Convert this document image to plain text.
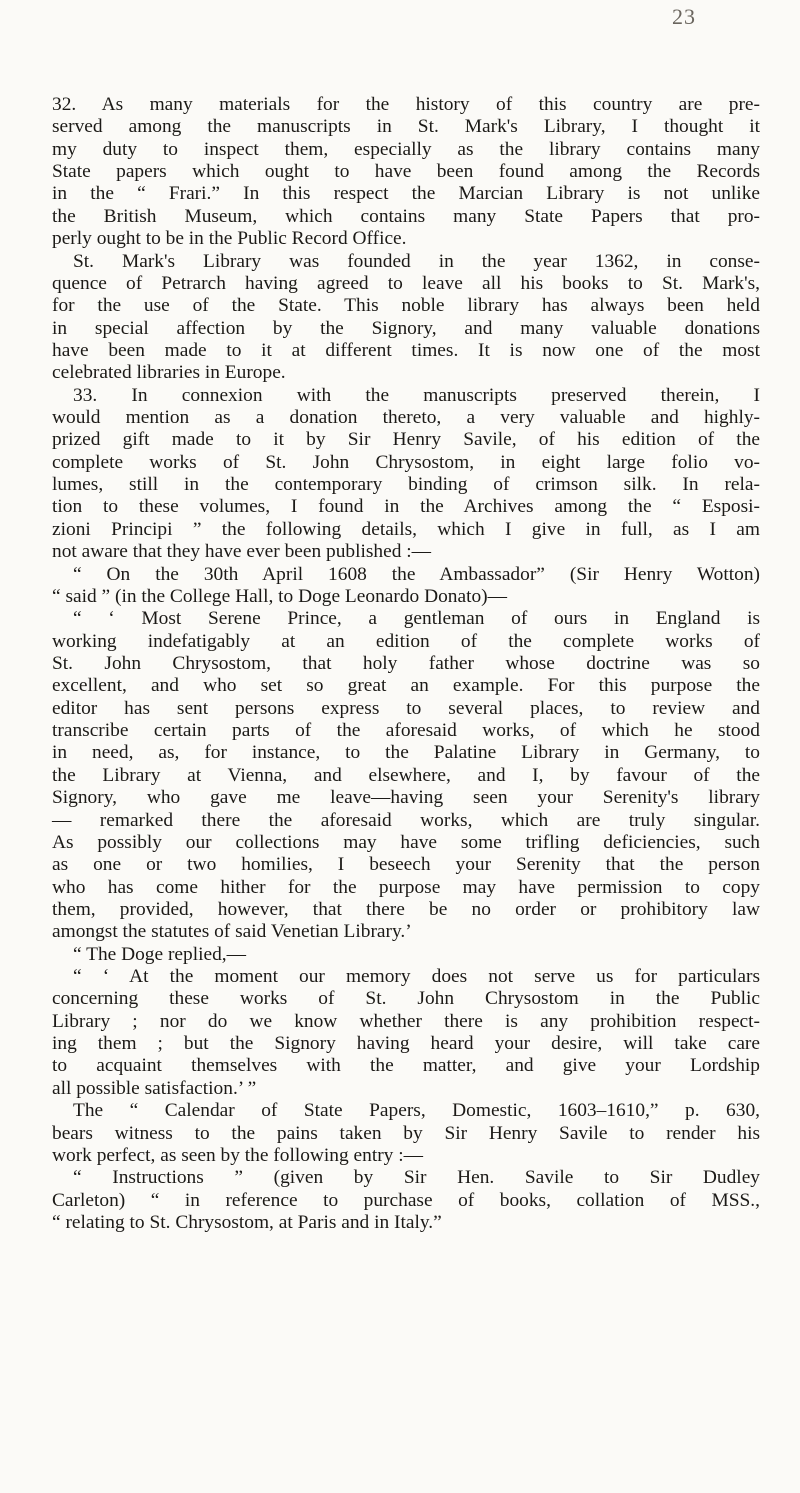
23
32. As many materials for the history of this country are pre-
served among the manuscripts in St. Mark's Library, I thought it
my duty to inspect them, especially as the library contains many
State papers which ought to have been found among the Records
in the “ Frari.” In this respect the Marcian Library is not unlike
the British Museum, which contains many State Papers that pro-
perly ought to be in the Public Record Office.
St. Mark's Library was founded in the year 1362, in conse-
quence of Petrarch having agreed to leave all his books to St. Mark's,
for the use of the State. This noble library has always been held
in special affection by the Signory, and many valuable donations
have been made to it at different times. It is now one of the most
celebrated libraries in Europe.
33. In connexion with the manuscripts preserved therein, I
would mention as a donation thereto, a very valuable and highly-
prized gift made to it by Sir Henry Savile, of his edition of the
complete works of St. John Chrysostom, in eight large folio vo-
lumes, still in the contemporary binding of crimson silk. In rela-
tion to these volumes, I found in the Archives among the “ Esposi-
zioni Principi ” the following details, which I give in full, as I am
not aware that they have ever been published :—
“ On the 30th April 1608 the Ambassador” (Sir Henry Wotton)
“ said ” (in the College Hall, to Doge Leonardo Donato)—
“ ‘ Most Serene Prince, a gentleman of ours in England is
working indefatigably at an edition of the complete works of
St. John Chrysostom, that holy father whose doctrine was so
excellent, and who set so great an example. For this purpose the
editor has sent persons express to several places, to review and
transcribe certain parts of the aforesaid works, of which he stood
in need, as, for instance, to the Palatine Library in Germany, to
the Library at Vienna, and elsewhere, and I, by favour of the
Signory, who gave me leave—having seen your Serenity's library
— remarked there the aforesaid works, which are truly singular.
As possibly our collections may have some trifling deficiencies, such
as one or two homilies, I beseech your Serenity that the person
who has come hither for the purpose may have permission to copy
them, provided, however, that there be no order or prohibitory law
amongst the statutes of said Venetian Library.’
“ The Doge replied,—
“ ‘ At the moment our memory does not serve us for particulars
concerning these works of St. John Chrysostom in the Public
Library ; nor do we know whether there is any prohibition respect-
ing them ; but the Signory having heard your desire, will take care
to acquaint themselves with the matter, and give your Lordship
all possible satisfaction.’ ”
The “ Calendar of State Papers, Domestic, 1603–1610,” p. 630,
bears witness to the pains taken by Sir Henry Savile to render his
work perfect, as seen by the following entry :—
“ Instructions ” (given by Sir Hen. Savile to Sir Dudley
Carleton) “ in reference to purchase of books, collation of MSS.,
“ relating to St. Chrysostom, at Paris and in Italy.”
